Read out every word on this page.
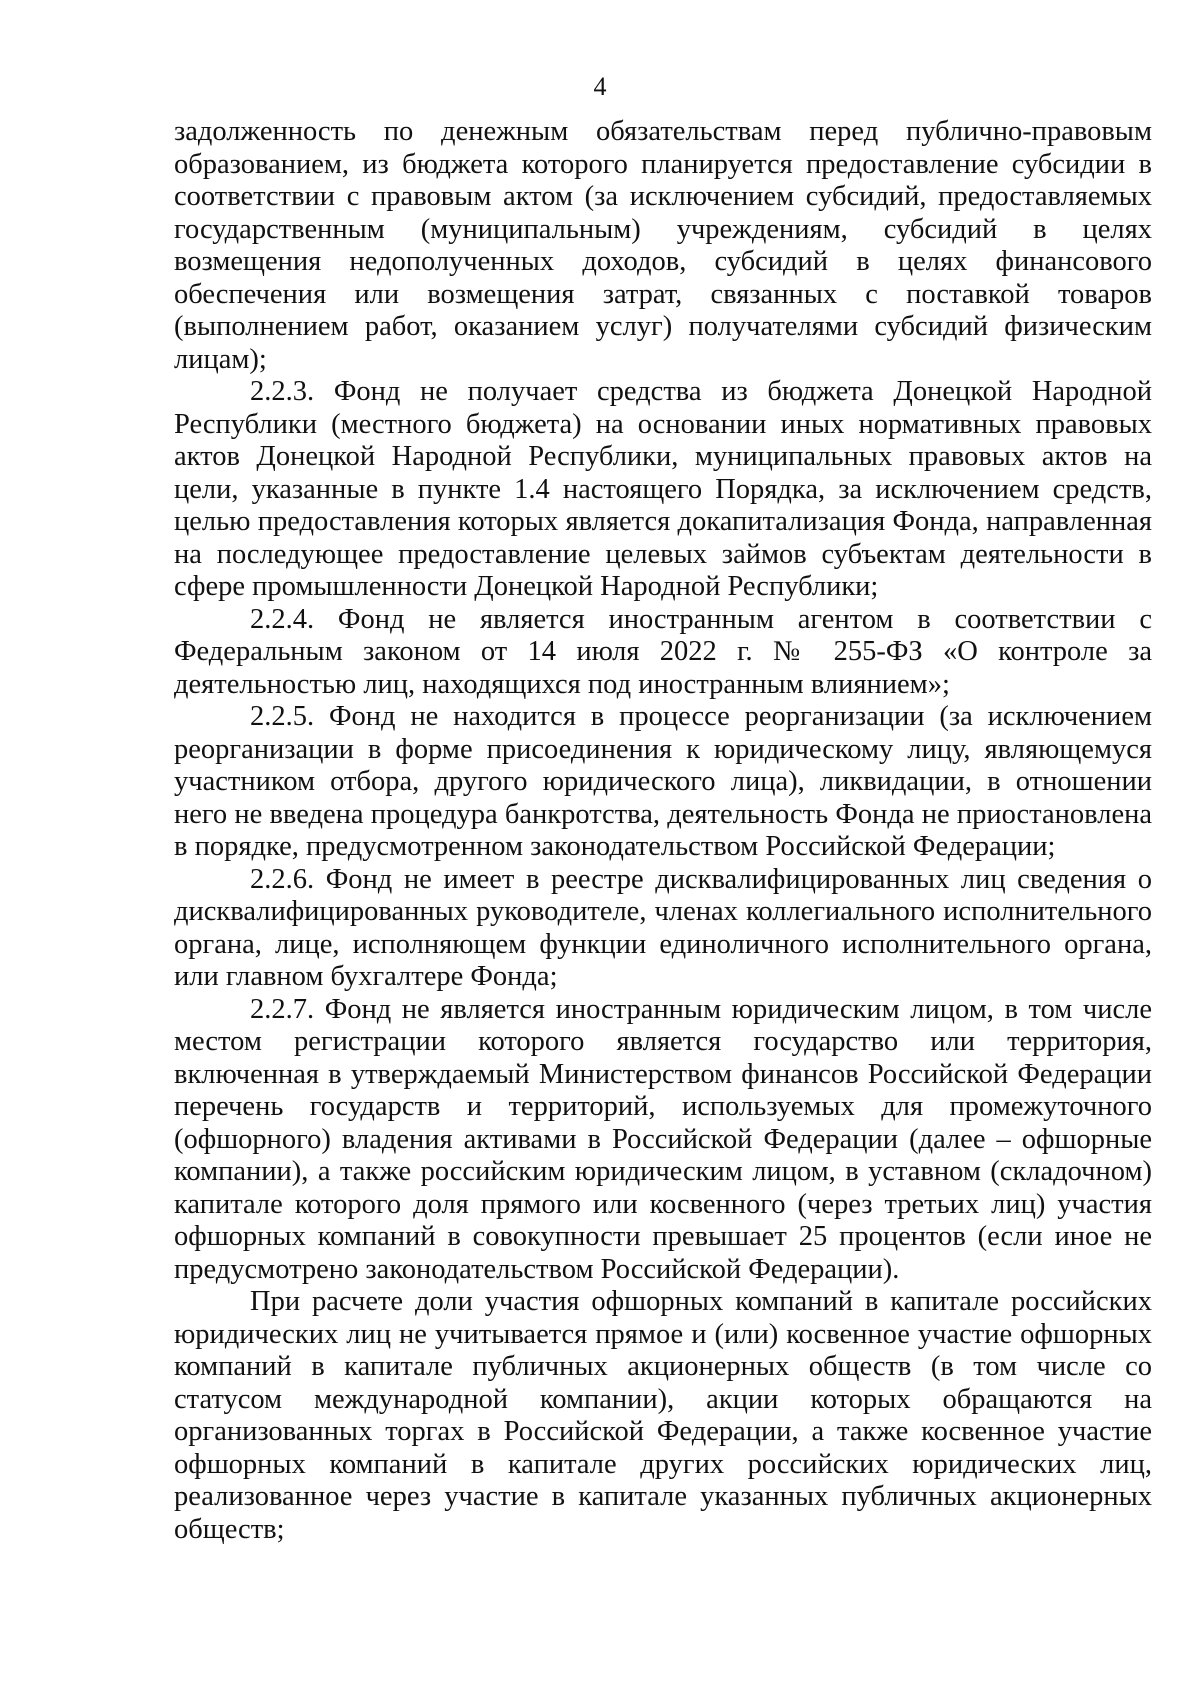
4

задолженность по денежным обязательствам перед публично-правовым образованием, из бюджета которого планируется предоставление субсидии в соответствии с правовым актом (за исключением субсидий, предоставляемых государственным (муниципальным) учреждениям, субсидий в целях возмещения недополученных доходов, субсидий в целях финансового обеспечения или возмещения затрат, связанных с поставкой товаров (выполнением работ, оказанием услуг) получателями субсидий физическим лицам);

2.2.3. Фонд не получает средства из бюджета Донецкой Народной Республики (местного бюджета) на основании иных нормативных правовых актов Донецкой Народной Республики, муниципальных правовых актов на цели, указанные в пункте 1.4 настоящего Порядка, за исключением средств, целью предоставления которых является докапитализация Фонда, направленная на последующее предоставление целевых займов субъектам деятельности в сфере промышленности Донецкой Народной Республики;

2.2.4. Фонд не является иностранным агентом в соответствии с Федеральным законом от 14 июля 2022 г. № 255-ФЗ «О контроле за деятельностью лиц, находящихся под иностранным влиянием»;

2.2.5. Фонд не находится в процессе реорганизации (за исключением реорганизации в форме присоединения к юридическому лицу, являющемуся участником отбора, другого юридического лица), ликвидации, в отношении него не введена процедура банкротства, деятельность Фонда не приостановлена в порядке, предусмотренном законодательством Российской Федерации;

2.2.6. Фонд не имеет в реестре дисквалифицированных лиц сведения о дисквалифицированных руководителе, членах коллегиального исполнительного органа, лице, исполняющем функции единоличного исполнительного органа, или главном бухгалтере Фонда;

2.2.7. Фонд не является иностранным юридическим лицом, в том числе местом регистрации которого является государство или территория, включенная в утверждаемый Министерством финансов Российской Федерации перечень государств и территорий, используемых для промежуточного (офшорного) владения активами в Российской Федерации (далее – офшорные компании), а также российским юридическим лицом, в уставном (складочном) капитале которого доля прямого или косвенного (через третьих лиц) участия офшорных компаний в совокупности превышает 25 процентов (если иное не предусмотрено законодательством Российской Федерации).

При расчете доли участия офшорных компаний в капитале российских юридических лиц не учитывается прямое и (или) косвенное участие офшорных компаний в капитале публичных акционерных обществ (в том числе со статусом международной компании), акции которых обращаются на организованных торгах в Российской Федерации, а также косвенное участие офшорных компаний в капитале других российских юридических лиц, реализованное через участие в капитале указанных публичных акционерных обществ;
